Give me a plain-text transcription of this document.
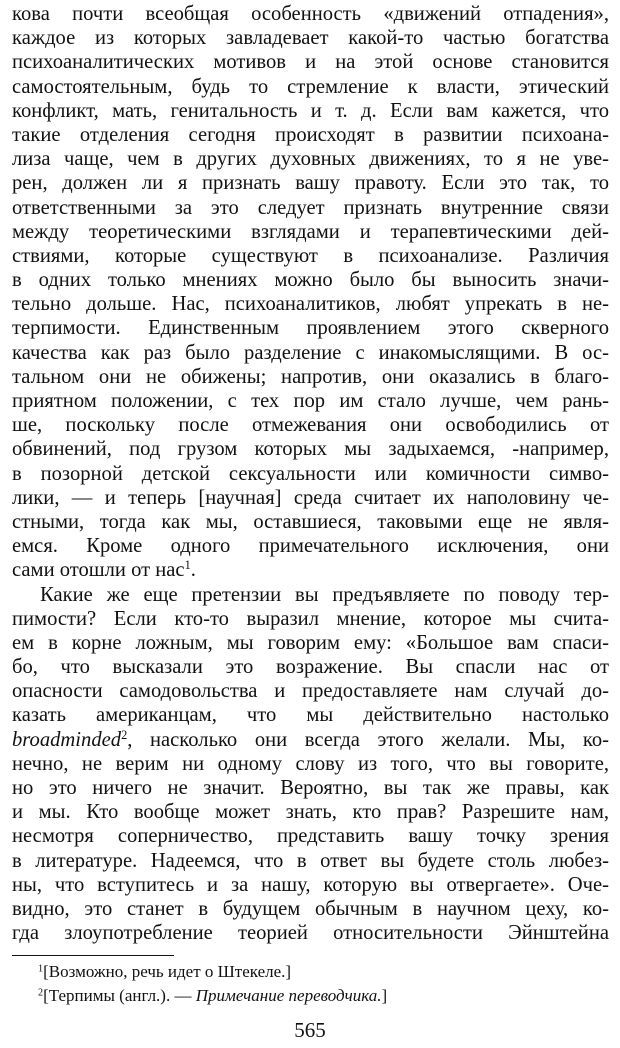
кова почти всеобщая особенность «движений отпадения»,
каждое из которых завладевает какой-то частью богатства
психоаналитических мотивов и на этой основе становится
самостоятельным, будь то стремление к власти, этический
конфликт, мать, генитальность и т. д. Если вам кажется, что
такие отделения сегодня происходят в развитии психоана-
лиза чаще, чем в других духовных движениях, то я не уве-
рен, должен ли я признать вашу правоту. Если это так, то
ответственными за это следует признать внутренние связи
между теоретическими взглядами и терапевтическими дей-
ствиями, которые существуют в психоанализе. Различия
в одних только мнениях можно было бы выносить значи-
тельно дольше. Нас, психоаналитиков, любят упрекать в не-
терпимости. Единственным проявлением этого скверного
качества как раз было разделение с инакомыслящими. В ос-
тальном они не обижены; напротив, они оказались в благо-
приятном положении, с тех пор им стало лучше, чем рань-
ше, поскольку после отмежевания они освободились от
обвинений, под грузом которых мы задыхаемся, -например,
в позорной детской сексуальности или комичности симво-
лики, — и теперь [научная] среда считает их наполовину че-
стными, тогда как мы, оставшиеся, таковыми еще не явля-
емся. Кроме одного примечательного исключения, они
сами отошли от нас$^1$.
Какие же еще претензии вы предъявляете по поводу тер-
пимости? Если кто-то выразил мнение, которое мы счита-
ем в корне ложным, мы говорим ему: «Большое вам спаси-
бо, что высказали это возражение. Вы спасли нас от
опасности самодовольства и предоставляете нам случай до-
казать американцам, что мы действительно настолько
broadminded$^2$, насколько они всегда этого желали. Мы, ко-
нечно, не верим ни одному слову из того, что вы говорите,
но это ничего не значит. Вероятно, вы так же правы, как
и мы. Кто вообще может знать, кто прав? Разрешите нам,
несмотря соперничество, представить вашу точку зрения
в литературе. Надеемся, что в ответ вы будете столь любез-
ны, что вступитесь и за нашу, которую вы отвергаете». Оче-
видно, это станет в будущем обычным в научном цеху, ко-
гда злоупотребление теорией относительности Эйнштейна
$^1$[Возможно, речь идет о Штекеле.]
$^2$[Терпимы (англ.). — Примечание переводчика.]
565
